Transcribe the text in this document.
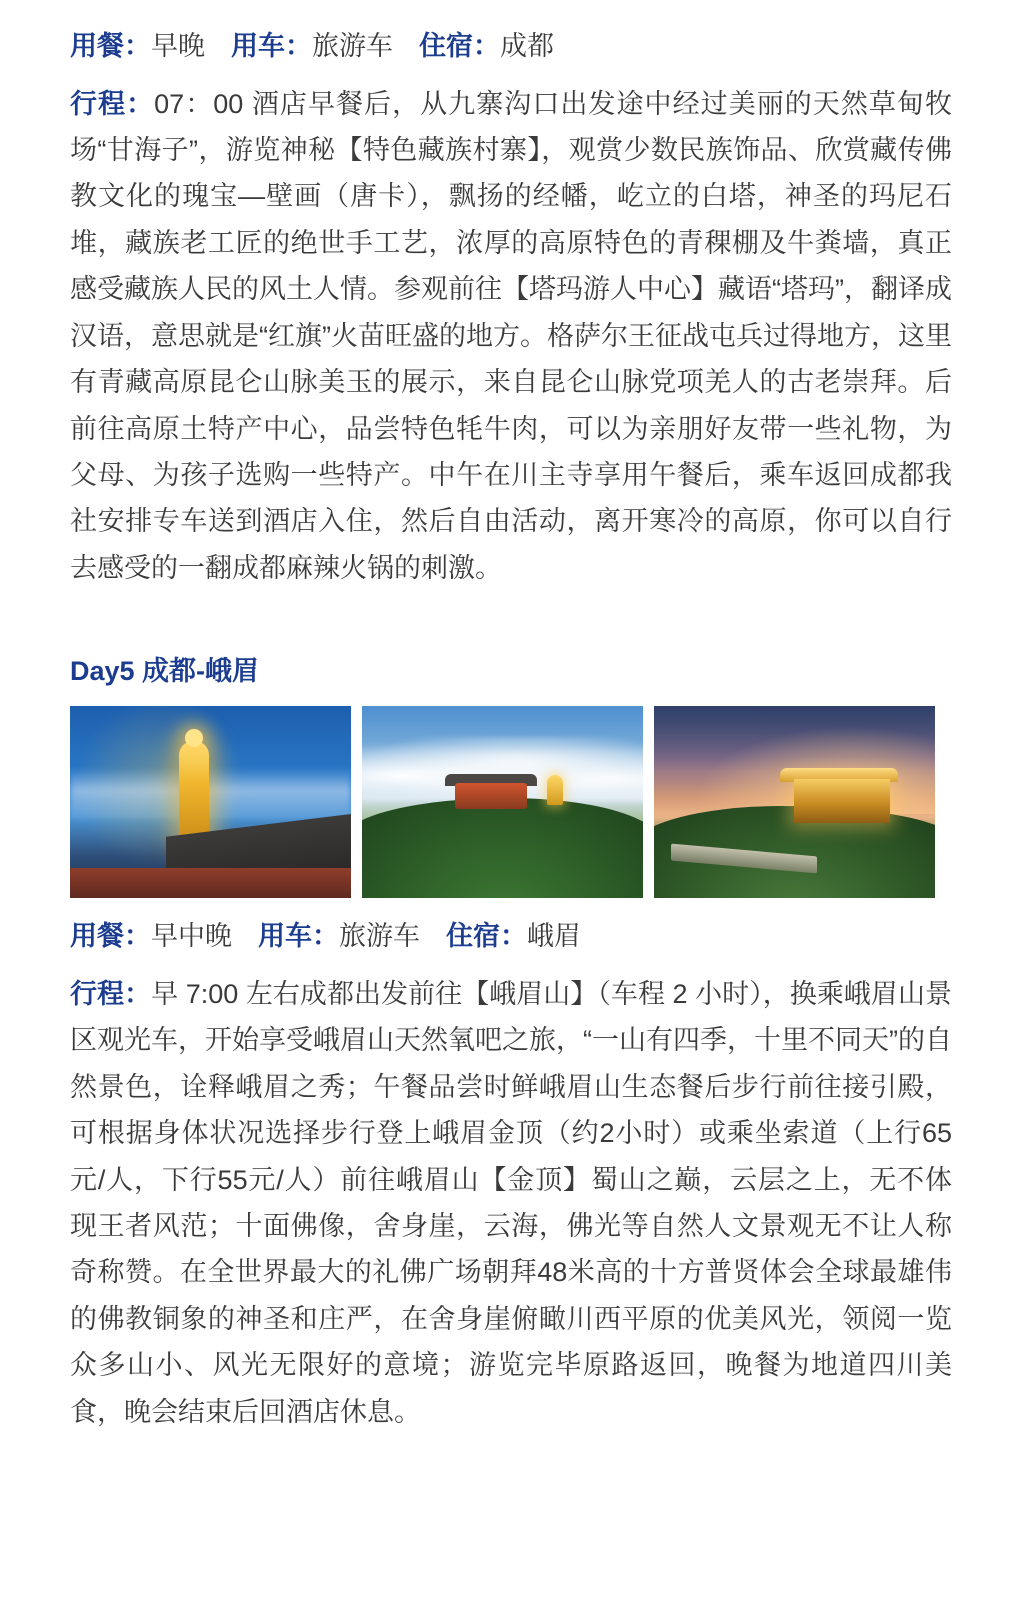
用餐：早晚 用车：旅游车 住宿：成都

行程：07：00 酒店早餐后，从九寨沟口出发途中经过美丽的天然草甸牧场“甘海子”，游览神秘【特色藏族村寨】，观赏少数民族饰品、欣赏藏传佛教文化的瑰宝—壁画（唐卡），飘扬的经幡，屹立的白塔，神圣的玛尼石堆，藏族老工匠的绝世手工艺，浓厚的高原特色的青稞棚及牛粪墙，真正感受藏族人民的风土人情。参观前往【塔玛游人中心】藏语“塔玛”，翻译成汉语，意思就是“红旗”火苗旺盛的地方。格萨尔王征战屯兵过得地方，这里有青藏高原昆仑山脉美玉的展示，来自昆仑山脉党项羌人的古老崇拜。后前往高原土特产中心，品尝特色牦牛肉，可以为亲朋好友带一些礼物，为父母、为孩子选购一些特产。中午在川主寺享用午餐后，乘车返回成都我社安排专车送到酒店入住，然后自由活动，离开寒冷的高原，你可以自行去感受的一翻成都麻辣火锅的刺激。

Day5 成都-峨眉
用餐：早中晚 用车：旅游车 住宿：峨眉

行程：早 7:00 左右成都出发前往【峨眉山】（车程 2 小时），换乘峨眉山景区观光车，开始享受峨眉山天然氧吧之旅，“一山有四季，十里不同天”的自然景色，诠释峨眉之秀；午餐品尝时鲜峨眉山生态餐后步行前往接引殿，可根据身体状况选择步行登上峨眉金顶（约2小时）或乘坐索道（上行65元/人，下行55元/人）前往峨眉山【金顶】蜀山之巅，云层之上，无不体现王者风范；十面佛像，舍身崖，云海，佛光等自然人文景观无不让人称奇称赞。在全世界最大的礼佛广场朝拜48米高的十方普贤体会全球最雄伟的佛教铜象的神圣和庄严，在舍身崖俯瞰川西平原的优美风光，领阅一览众多山小、风光无限好的意境；游览完毕原路返回，晚餐为地道四川美食，晚会结束后回酒店休息。
